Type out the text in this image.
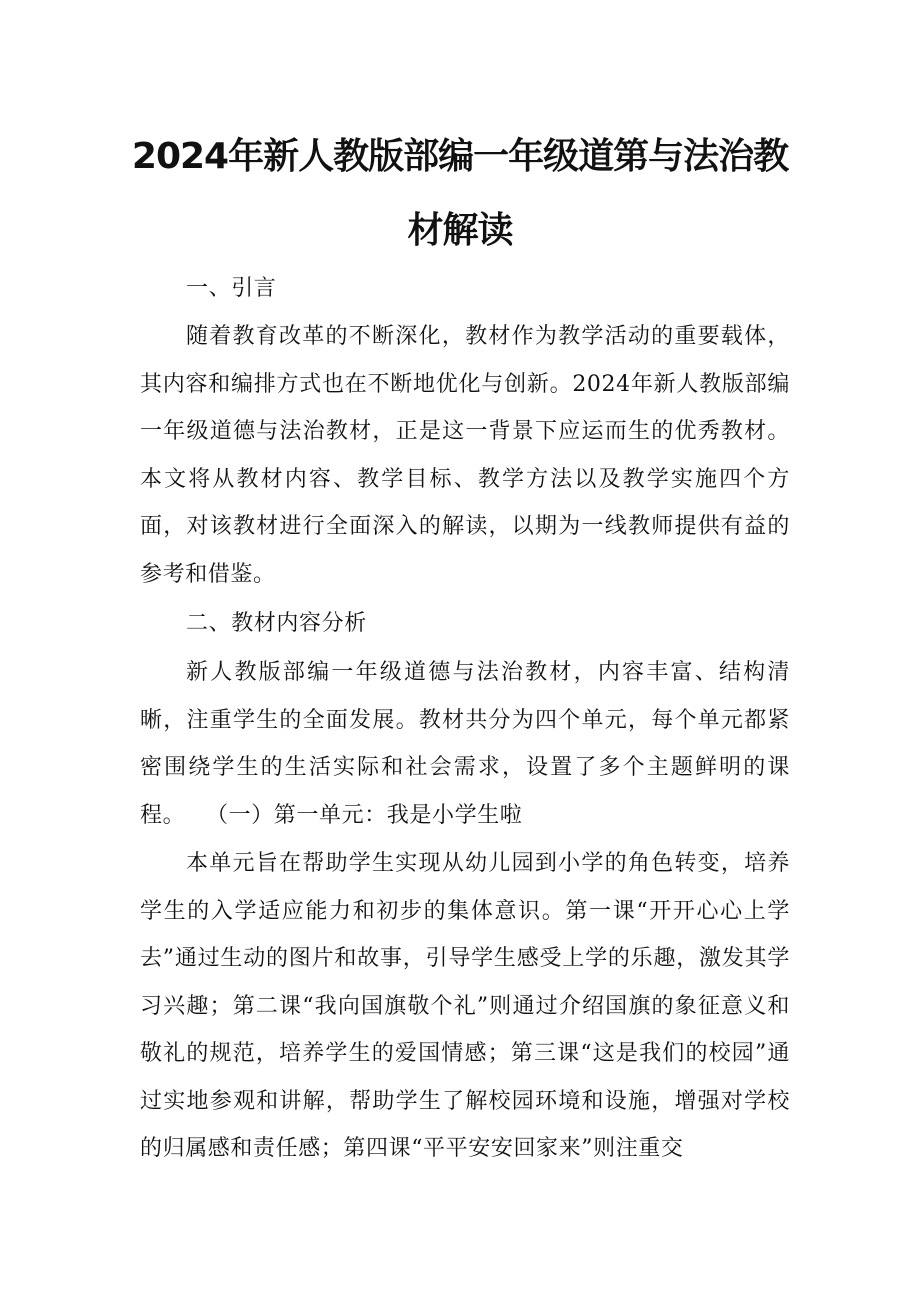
2024年新人教版部编一年级道第与法治教
材解读

一、引言

随着教育改革的不断深化，教材作为教学活动的重要载体，其内容和编排方式也在不断地优化与创新。2024年新人教版部编一年级道德与法治教材，正是这一背景下应运而生的优秀教材。本文将从教材内容、教学目标、教学方法以及教学实施四个方面，对该教材进行全面深入的解读，以期为一线教师提供有益的参考和借鉴。

二、教材内容分析

新人教版部编一年级道德与法治教材，内容丰富、结构清晰，注重学生的全面发展。教材共分为四个单元，每个单元都紧密围绕学生的生活实际和社会需求，设置了多个主题鲜明的课程。 （一）第一单元：我是小学生啦

本单元旨在帮助学生实现从幼儿园到小学的角色转变，培养学生的入学适应能力和初步的集体意识。第一课“开开心心上学去”通过生动的图片和故事，引导学生感受上学的乐趣，激发其学习兴趣；第二课“我向国旗敬个礼”则通过介绍国旗的象征意义和敬礼的规范，培养学生的爱国情感；第三课“这是我们的校园”通过实地参观和讲解，帮助学生了解校园环境和设施，增强对学校的归属感和责任感；第四课“平平安安回家来”则注重交
